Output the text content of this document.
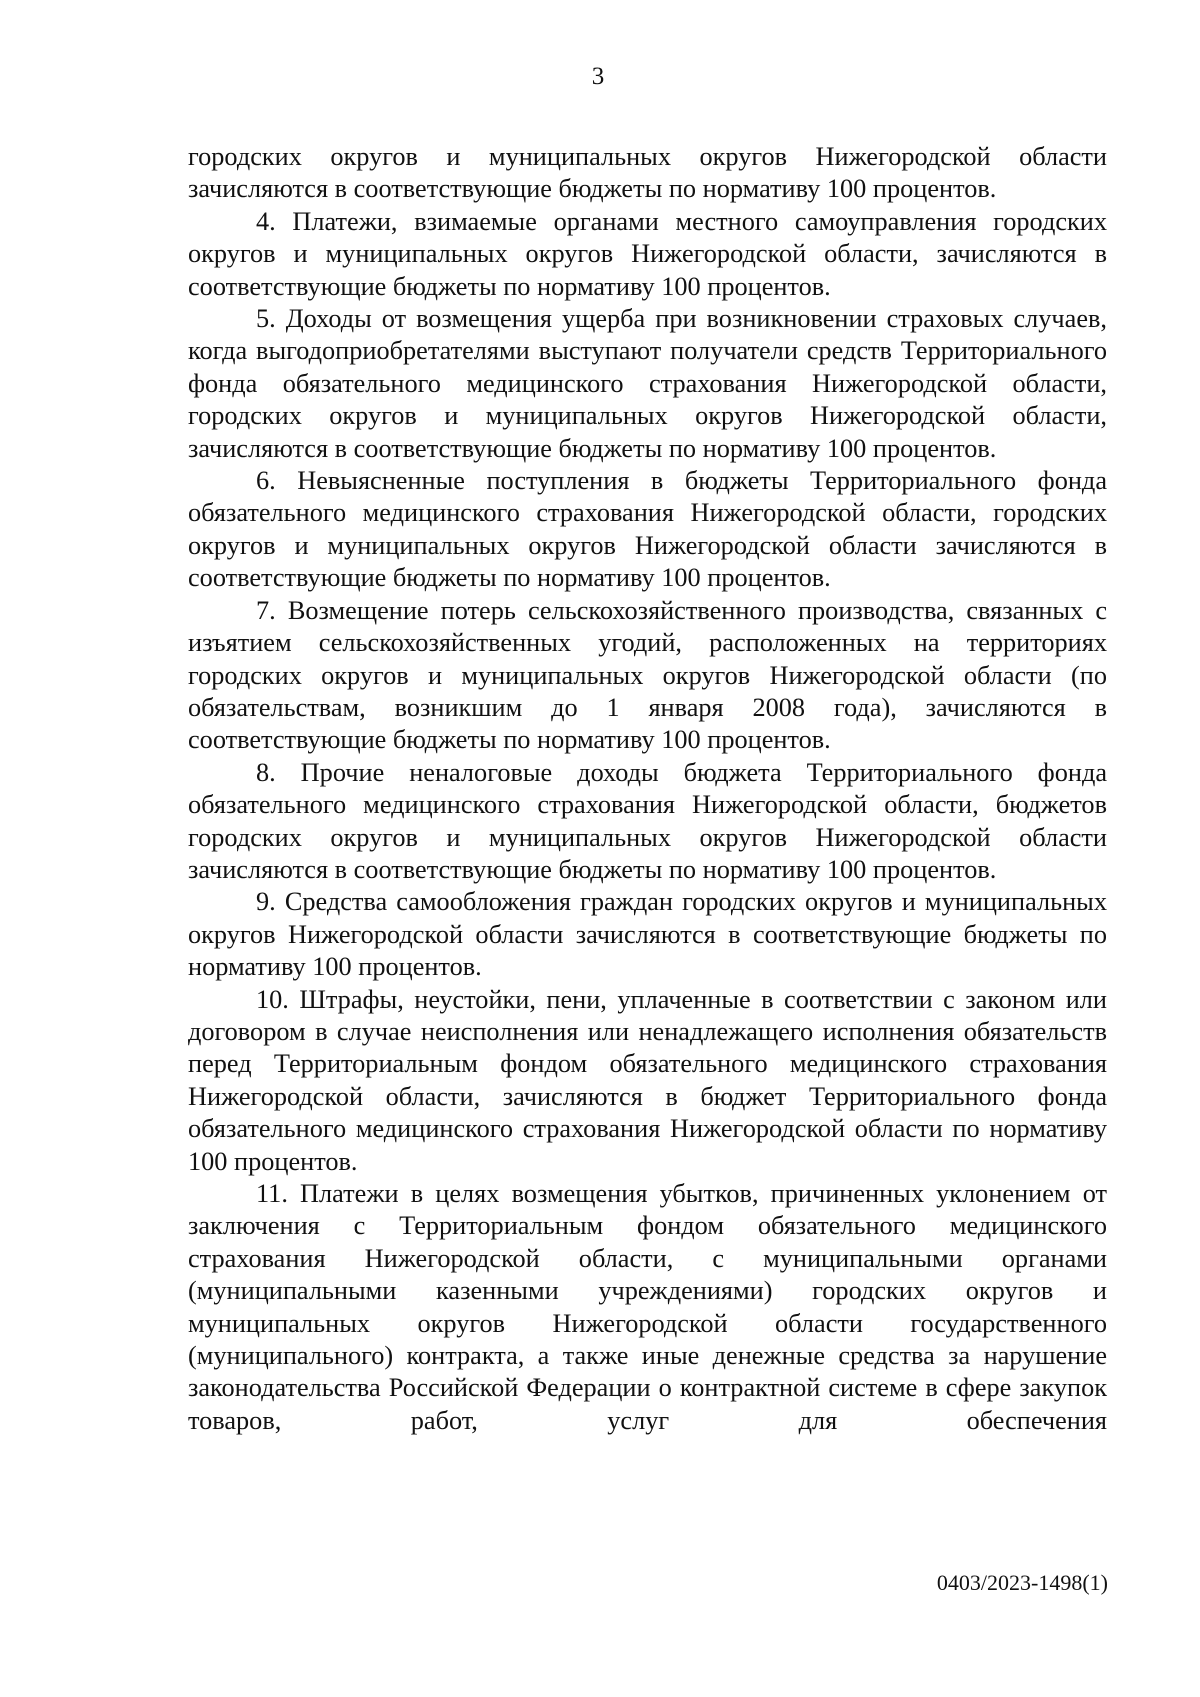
3

городских округов и муниципальных округов Нижегородской области зачисляются в соответствующие бюджеты по нормативу 100 процентов.

4. Платежи, взимаемые органами местного самоуправления городских округов и муниципальных округов Нижегородской области, зачисляются в соответствующие бюджеты по нормативу 100 процентов.

5. Доходы от возмещения ущерба при возникновении страховых случаев, когда выгодоприобретателями выступают получатели средств Территориального фонда обязательного медицинского страхования Нижегородской области, городских округов и муниципальных округов Нижегородской области, зачисляются в соответствующие бюджеты по нормативу 100 процентов.

6. Невыясненные поступления в бюджеты Территориального фонда обязательного медицинского страхования Нижегородской области, городских округов и муниципальных округов Нижегородской области зачисляются в соответствующие бюджеты по нормативу 100 процентов.

7. Возмещение потерь сельскохозяйственного производства, связанных с изъятием сельскохозяйственных угодий, расположенных на территориях городских округов и муниципальных округов Нижегородской области (по обязательствам, возникшим до 1 января 2008 года), зачисляются в соответствующие бюджеты по нормативу 100 процентов.

8. Прочие неналоговые доходы бюджета Территориального фонда обязательного медицинского страхования Нижегородской области, бюджетов городских округов и муниципальных округов Нижегородской области зачисляются в соответствующие бюджеты по нормативу 100 процентов.

9. Средства самообложения граждан городских округов и муниципальных округов Нижегородской области зачисляются в соответствующие бюджеты по нормативу 100 процентов.

10. Штрафы, неустойки, пени, уплаченные в соответствии с законом или договором в случае неисполнения или ненадлежащего исполнения обязательств перед Территориальным фондом обязательного медицинского страхования Нижегородской области, зачисляются в бюджет Территориального фонда обязательного медицинского страхования Нижегородской области по нормативу 100 процентов.

11. Платежи в целях возмещения убытков, причиненных уклонением от заключения с Территориальным фондом обязательного медицинского страхования Нижегородской области, с муниципальными органами (муниципальными казенными учреждениями) городских округов и муниципальных округов Нижегородской области государственного (муниципального) контракта, а также иные денежные средства за нарушение законодательства Российской Федерации о контрактной системе в сфере закупок товаров, работ, услуг для обеспечения

0403/2023-1498(1)
